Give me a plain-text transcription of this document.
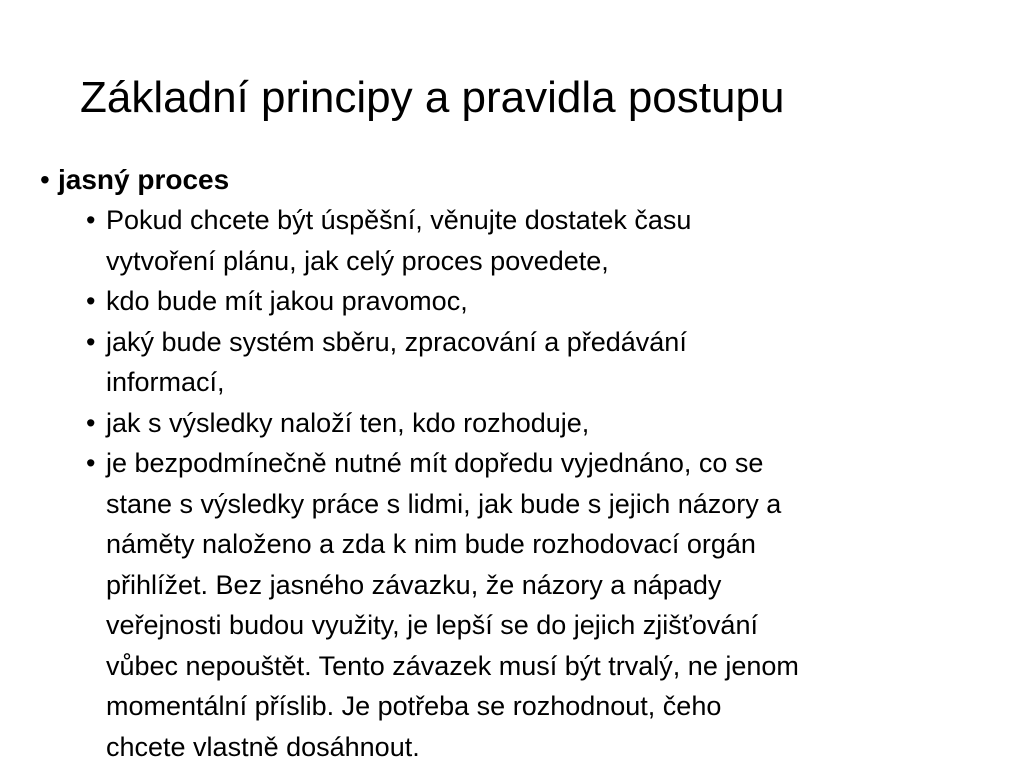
Základní principy a pravidla postupu
• jasný proces
• Pokud chcete být úspěšní, věnujte dostatek času
vytvoření plánu, jak celý proces povedete,
• kdo bude mít jakou pravomoc,
• jaký bude systém sběru, zpracování a předávání
informací,
• jak s výsledky naloží ten, kdo rozhoduje,
• je bezpodmínečně nutné mít dopředu vyjednáno, co se
stane s výsledky práce s lidmi, jak bude s jejich názory a
náměty naloženo a zda k nim bude rozhodovací orgán
přihlížet. Bez jasného závazku, že názory a nápady
veřejnosti budou využity, je lepší se do jejich zjišťování
vůbec nepouštět. Tento závazek musí být trvalý, ne jenom
momentální příslib. Je potřeba se rozhodnout, čeho
chcete vlastně dosáhnout.
